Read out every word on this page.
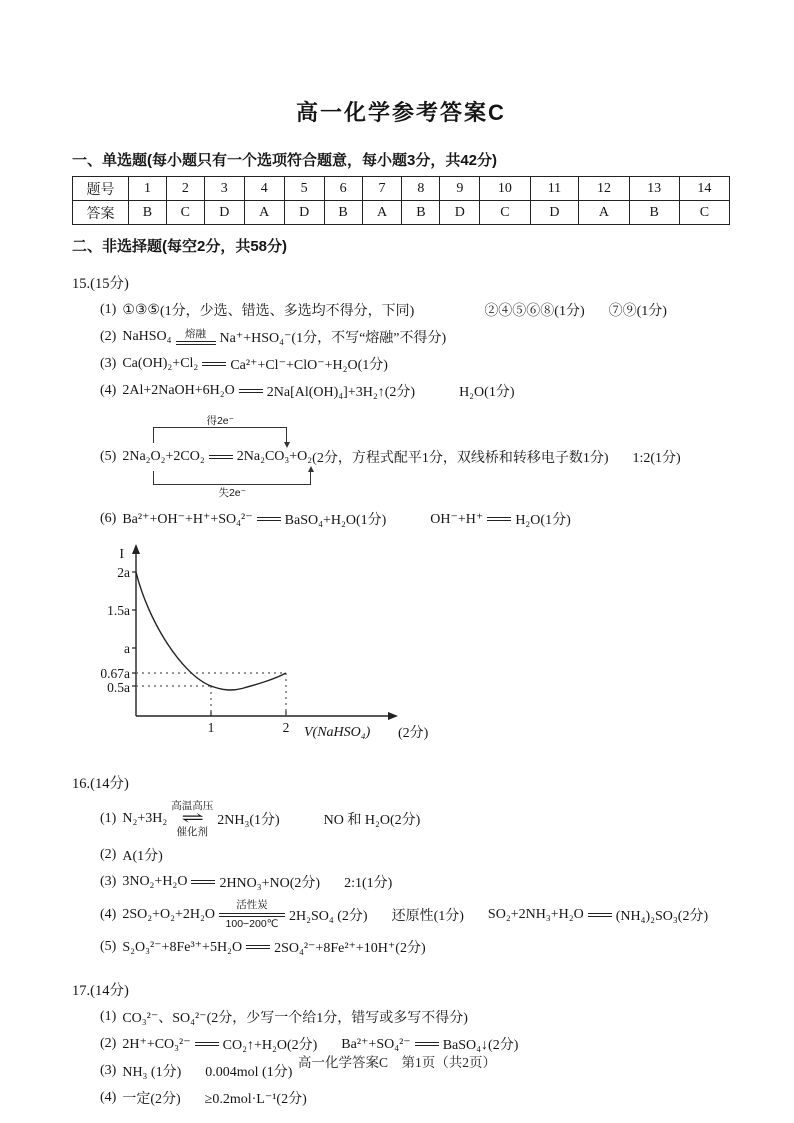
高一化学参考答案C
一、单选题(每小题只有一个选项符合题意，每小题3分，共42分)
题号	1	2	3	4	5	6	7	8	9	10	11	12	13	14
答案	B	C	D	A	D	B	A	B	D	C	D	A	B	C
二、非选择题(每空2分，共58分)
15.(15分)
(1) ①③⑤ (1分，少选、错选、多选均不得分，下同)	②④⑤⑥⑧(1分) ⑦⑨(1分)
(2) NaHSO₄ 熔融 Na⁺+HSO₄⁻(1分，不写“熔融”不得分)
(3) Ca(OH)₂+Cl₂ Ca²⁺+Cl⁻+ClO⁻+H₂O(1分)
(4) 2Al+2NaOH+6H₂O 2Na[Al(OH)₄]+3H₂↑(2分)	H₂O(1分)
(5)
得2e⁻
2Na₂O₂+2CO₂ 2Na₂CO₃+O₂
失2e⁻
(2分，方程式配平1分，双线桥和转移电子数1分) 1:2(1分)
(6) Ba²⁺+OH⁻+H⁺+SO₄²⁻ BaSO₄+H₂O(1分)	OH⁻+H⁺ H₂O(1分)
I
2a
1.5a
a
0.67a
0.5a
1	2 V(NaHSO₄) (2分)
16.(14分)
(1) N₂+3H₂
高温高压
⇌
催化剂
2NH₃(1分)	NO 和 H₂O(2分)
(2) A(1分)
(3) 3NO₂+H₂O 2HNO₃+NO(2分) 2:1(1分)
(4) 2SO₂+O₂+2H₂O
活性炭
100−200℃ 2H₂SO₄ (2分) 还原性(1分) SO₂+2NH₃+H₂O (NH₄)₂SO₃(2分)
(5) S₂O₃²⁻+8Fe³⁺+5H₂O 2SO₄²⁻+8Fe²⁺+10H⁺(2分)
17.(14分)
(1) CO₃²⁻、SO₄²⁻(2分，少写一个给1分，错写或多写不得分)
(2) 2H⁺+CO₃²⁻ CO₂↑+H₂O(2分) Ba²⁺+SO₄²⁻ BaSO₄↓(2分)
(3) NH₃ (1分) 0.004mol (1分)
(4) 一定(2分) ≥0.2mol·L⁻¹(2分)
高一化学答案C　第1页（共2页）
